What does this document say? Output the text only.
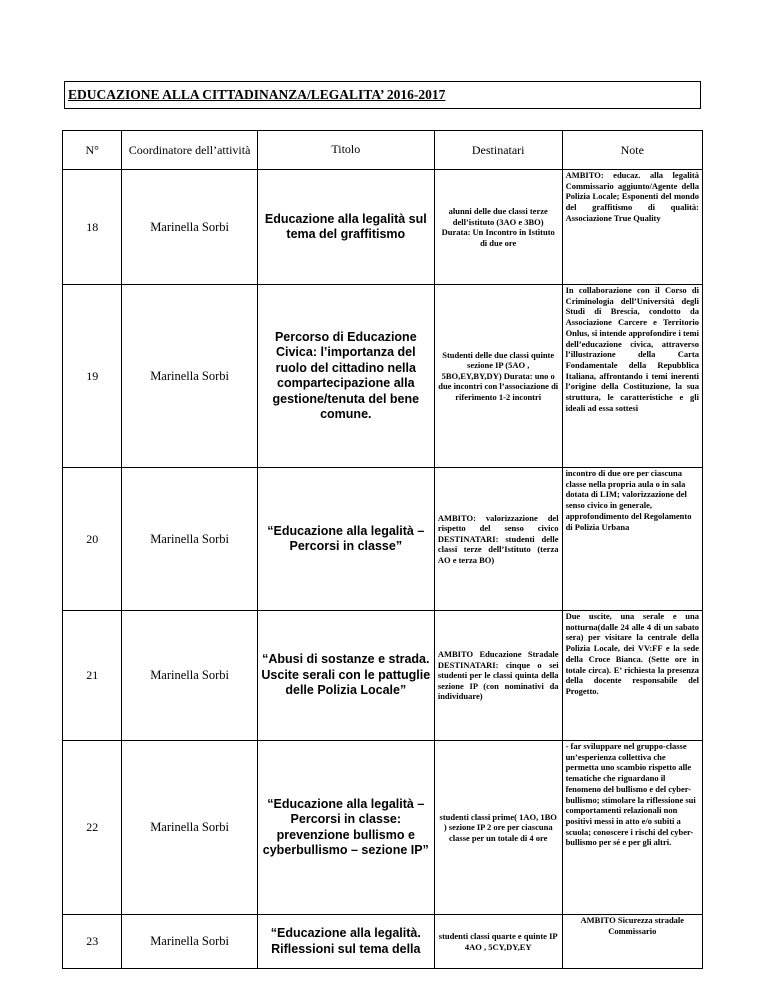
EDUCAZIONE ALLA CITTADINANZA/LEGALITA’ 2016-2017
N°	Coordinatore dell’attività	Titolo	Destinatari	Note
18	Marinella Sorbi	Educazione alla legalità sul tema del graffitismo	alunni delle due classi terze dell’istituto (3AO e 3BO) Durata: Un Incontro in Istituto di due ore	AMBITO: educaz. alla legalità Commissario aggiunto/Agente della Polizia Locale; Esponenti del mondo del graffitismo di qualità: Associazione True Quality
19	Marinella Sorbi	Percorso di Educazione Civica: l’importanza del ruolo del cittadino nella compartecipazione alla gestione/tenuta del bene comune.	Studenti delle due classi quinte sezione IP (5AO , 5BO,EY,BY,DY) Durata: uno o due incontri con l’associazione di riferimento 1-2 incontri	In collaborazione con il Corso di Criminologia dell’Università degli Studi di Brescia, condotto da Associazione Carcere e Territorio Onlus, si intende approfondire i temi dell’educazione civica, attraverso l’illustrazione della Carta Fondamentale della Repubblica Italiana, affrontando i temi inerenti l’origine della Costituzione, la sua struttura, le caratteristiche e gli ideali ad essa sottesi
20	Marinella Sorbi	“Educazione alla legalità – Percorsi in classe”	AMBITO: valorizzazione del rispetto del senso civico DESTINATARI: studenti delle classi terze dell’Istituto (terza AO e terza BO)	incontro di due ore per ciascuna classe nella propria aula o in sala dotata di LIM; valorizzazione del senso civico in generale, approfondimento del Regolamento di Polizia Urbana
21	Marinella Sorbi	“Abusi di sostanze e strada. Uscite serali con le pattuglie delle Polizia Locale”	AMBITO Educazione Stradale DESTINATARI: cinque o sei studenti per le classi quinta della sezione IP (con nominativi da individuare)	Due uscite, una serale e una notturna(dalle 24 alle 4 di un sabato sera) per visitare la centrale della Polizia Locale, dei VV:FF e la sede della Croce Bianca. (Sette ore in totale circa). E’ richiesta la presenza della docente responsabile del Progetto.
22	Marinella Sorbi	“Educazione alla legalità – Percorsi in classe: prevenzione bullismo e cyberbullismo – sezione IP”	studenti classi prime( 1AO, 1BO ) sezione IP 2 ore per ciascuna classe per un totale di 4 ore	- far sviluppare nel gruppo-classe un’esperienza collettiva che permetta uno scambio rispetto alle tematiche che riguardano il fenomeno del bullismo e del cyber-bullismo; stimolare la riflessione sui comportamenti relazionali non positivi messi in atto e/o subiti a scuola; conoscere i rischi del cyber-bullismo per sé e per gli altri.
23	Marinella Sorbi	“Educazione alla legalità. Riflessioni sul tema della	studenti classi quarte e quinte IP 4AO , 5CY,DY,EY	AMBITO Sicurezza stradale Commissario
